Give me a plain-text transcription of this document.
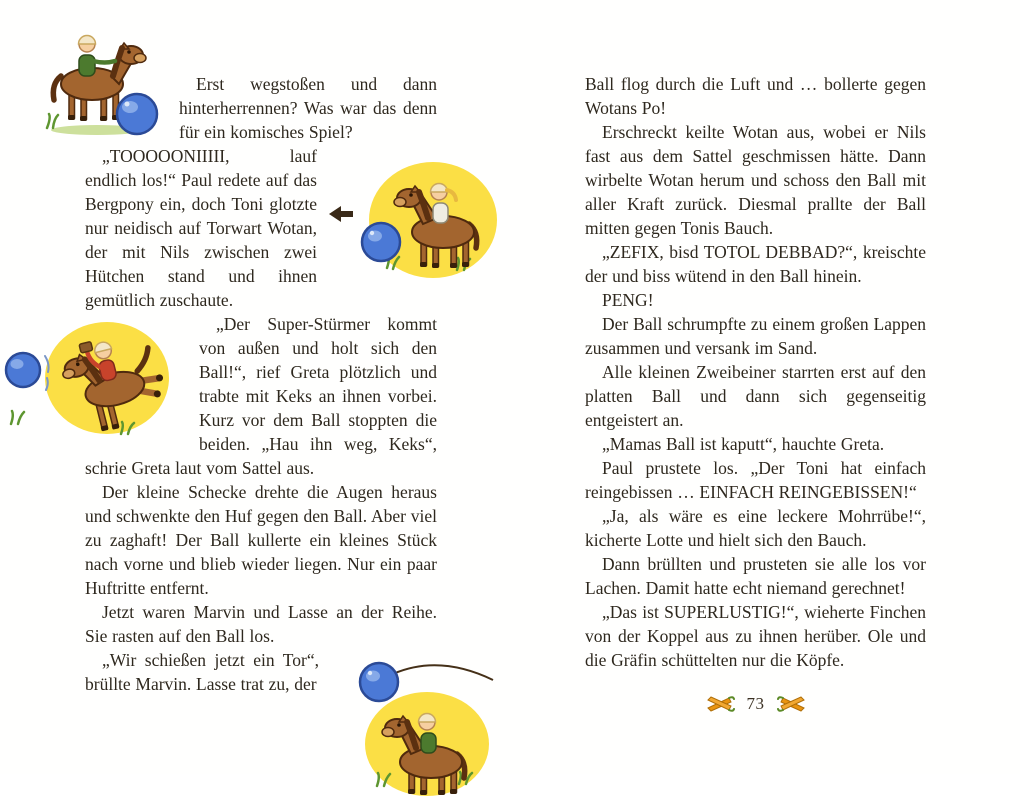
Erst wegstoßen und dann hinterherrennen? Was war das denn für ein komisches Spiel?

„TOOOOONIIIII, lauf endlich los!“ Paul redete auf das Bergpony ein, doch Toni glotzte nur neidisch auf Torwart Wotan, der mit Nils zwischen zwei Hütchen stand und ihnen gemütlich zuschaute.

„Der Super-Stürmer kommt von außen und holt sich den Ball!“, rief Greta plötzlich und trabte mit Keks an ihnen vorbei. Kurz vor dem Ball stoppten die beiden. „Hau ihn weg, Keks“, schrie Greta laut vom Sattel aus.

Der kleine Schecke drehte die Augen heraus und schwenkte den Huf gegen den Ball. Aber viel zu zaghaft! Der Ball kullerte ein kleines Stück nach vorne und blieb wieder liegen. Nur ein paar Huftritte entfernt.

Jetzt waren Marvin und Lasse an der Reihe. Sie rasten auf den Ball los.

„Wir schießen jetzt ein Tor“, brüllte Marvin. Lasse trat zu, der

Ball flog durch die Luft und … bollerte gegen Wotans Po!

Erschreckt keilte Wotan aus, wobei er Nils fast aus dem Sattel geschmissen hätte. Dann wirbelte Wotan herum und schoss den Ball mit aller Kraft zurück. Diesmal prallte der Ball mitten gegen Tonis Bauch.

„ZEFIX, bisd TOTOL DEBBAD?“, kreischte der und biss wütend in den Ball hinein.

PENG!

Der Ball schrumpfte zu einem großen Lappen zusammen und versank im Sand.

Alle kleinen Zweibeiner starrten erst auf den platten Ball und dann sich gegenseitig entgeistert an.

„Mamas Ball ist kaputt“, hauchte Greta.

Paul prustete los. „Der Toni hat einfach reingebissen … EINFACH REINGEBISSEN!“

„Ja, als wäre es eine leckere Mohrrübe!“, kicherte Lotte und hielt sich den Bauch.

Dann brüllten und prusteten sie alle los vor Lachen. Damit hatte echt niemand gerechnet!

„Das ist SUPERLUSTIG!“, wieherte Finchen von der Koppel aus zu ihnen herüber. Ole und die Gräfin schüttelten nur die Köpfe.

73
